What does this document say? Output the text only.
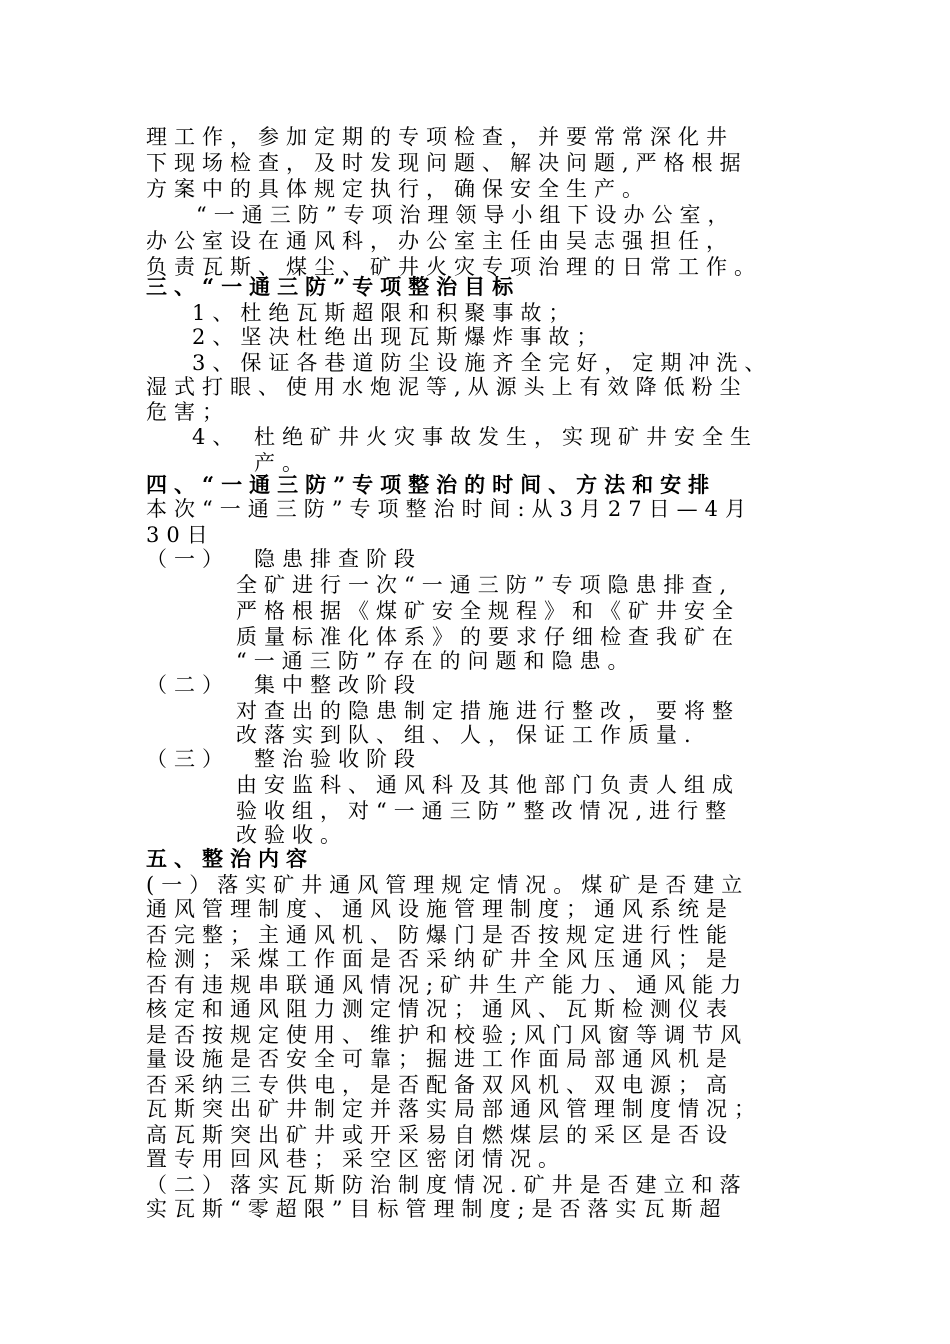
理工作，参加定期的专项检查，并要常常深化井
下现场检查，及时发现问题、解决问题,严格根据
方案中的具体规定执行，确保安全生产。
“一通三防”专项治理领导小组下设办公室，
办公室设在通风科，办公室主任由吴志强担任，
负责瓦斯、煤尘、矿井火灾专项治理的日常工作。
三、“一通三防”专项整治目标
1、杜绝瓦斯超限和积聚事故；
2、坚决杜绝出现瓦斯爆炸事故；
3、保证各巷道防尘设施齐全完好，定期冲洗、
湿式打眼、使用水炮泥等,从源头上有效降低粉尘
危害；
4、 杜绝矿井火灾事故发生，实现矿井安全生
产。
四、“一通三防”专项整治的时间、方法和安排
本次“一通三防”专项整治时间:从3月27日—4月
30日
（一） 隐患排查阶段
全矿进行一次“一通三防”专项隐患排查,
严格根据《煤矿安全规程》和《矿井安全
质量标准化体系》的要求仔细检查我矿在
“一通三防”存在的问题和隐患。
（二） 集中整改阶段
对查出的隐患制定措施进行整改，要将整
改落实到队、组、人，保证工作质量.
（三） 整治验收阶段
由安监科、通风科及其他部门负责人组成
验收组，对“一通三防”整改情况,进行整
改验收。
五、整治内容
(一）落实矿井通风管理规定情况。煤矿是否建立
通风管理制度、通风设施管理制度；通风系统是
否完整；主通风机、防爆门是否按规定进行性能
检测；采煤工作面是否采纳矿井全风压通风；是
否有违规串联通风情况;矿井生产能力、通风能力
核定和通风阻力测定情况；通风、瓦斯检测仪表
是否按规定使用、维护和校验;风门风窗等调节风
量设施是否安全可靠；掘进工作面局部通风机是
否采纳三专供电，是否配备双风机、双电源；高
瓦斯突出矿井制定并落实局部通风管理制度情况；
高瓦斯突出矿井或开采易自燃煤层的采区是否设
置专用回风巷；采空区密闭情况。
（二）落实瓦斯防治制度情况.矿井是否建立和落
实瓦斯“零超限”目标管理制度;是否落实瓦斯超
